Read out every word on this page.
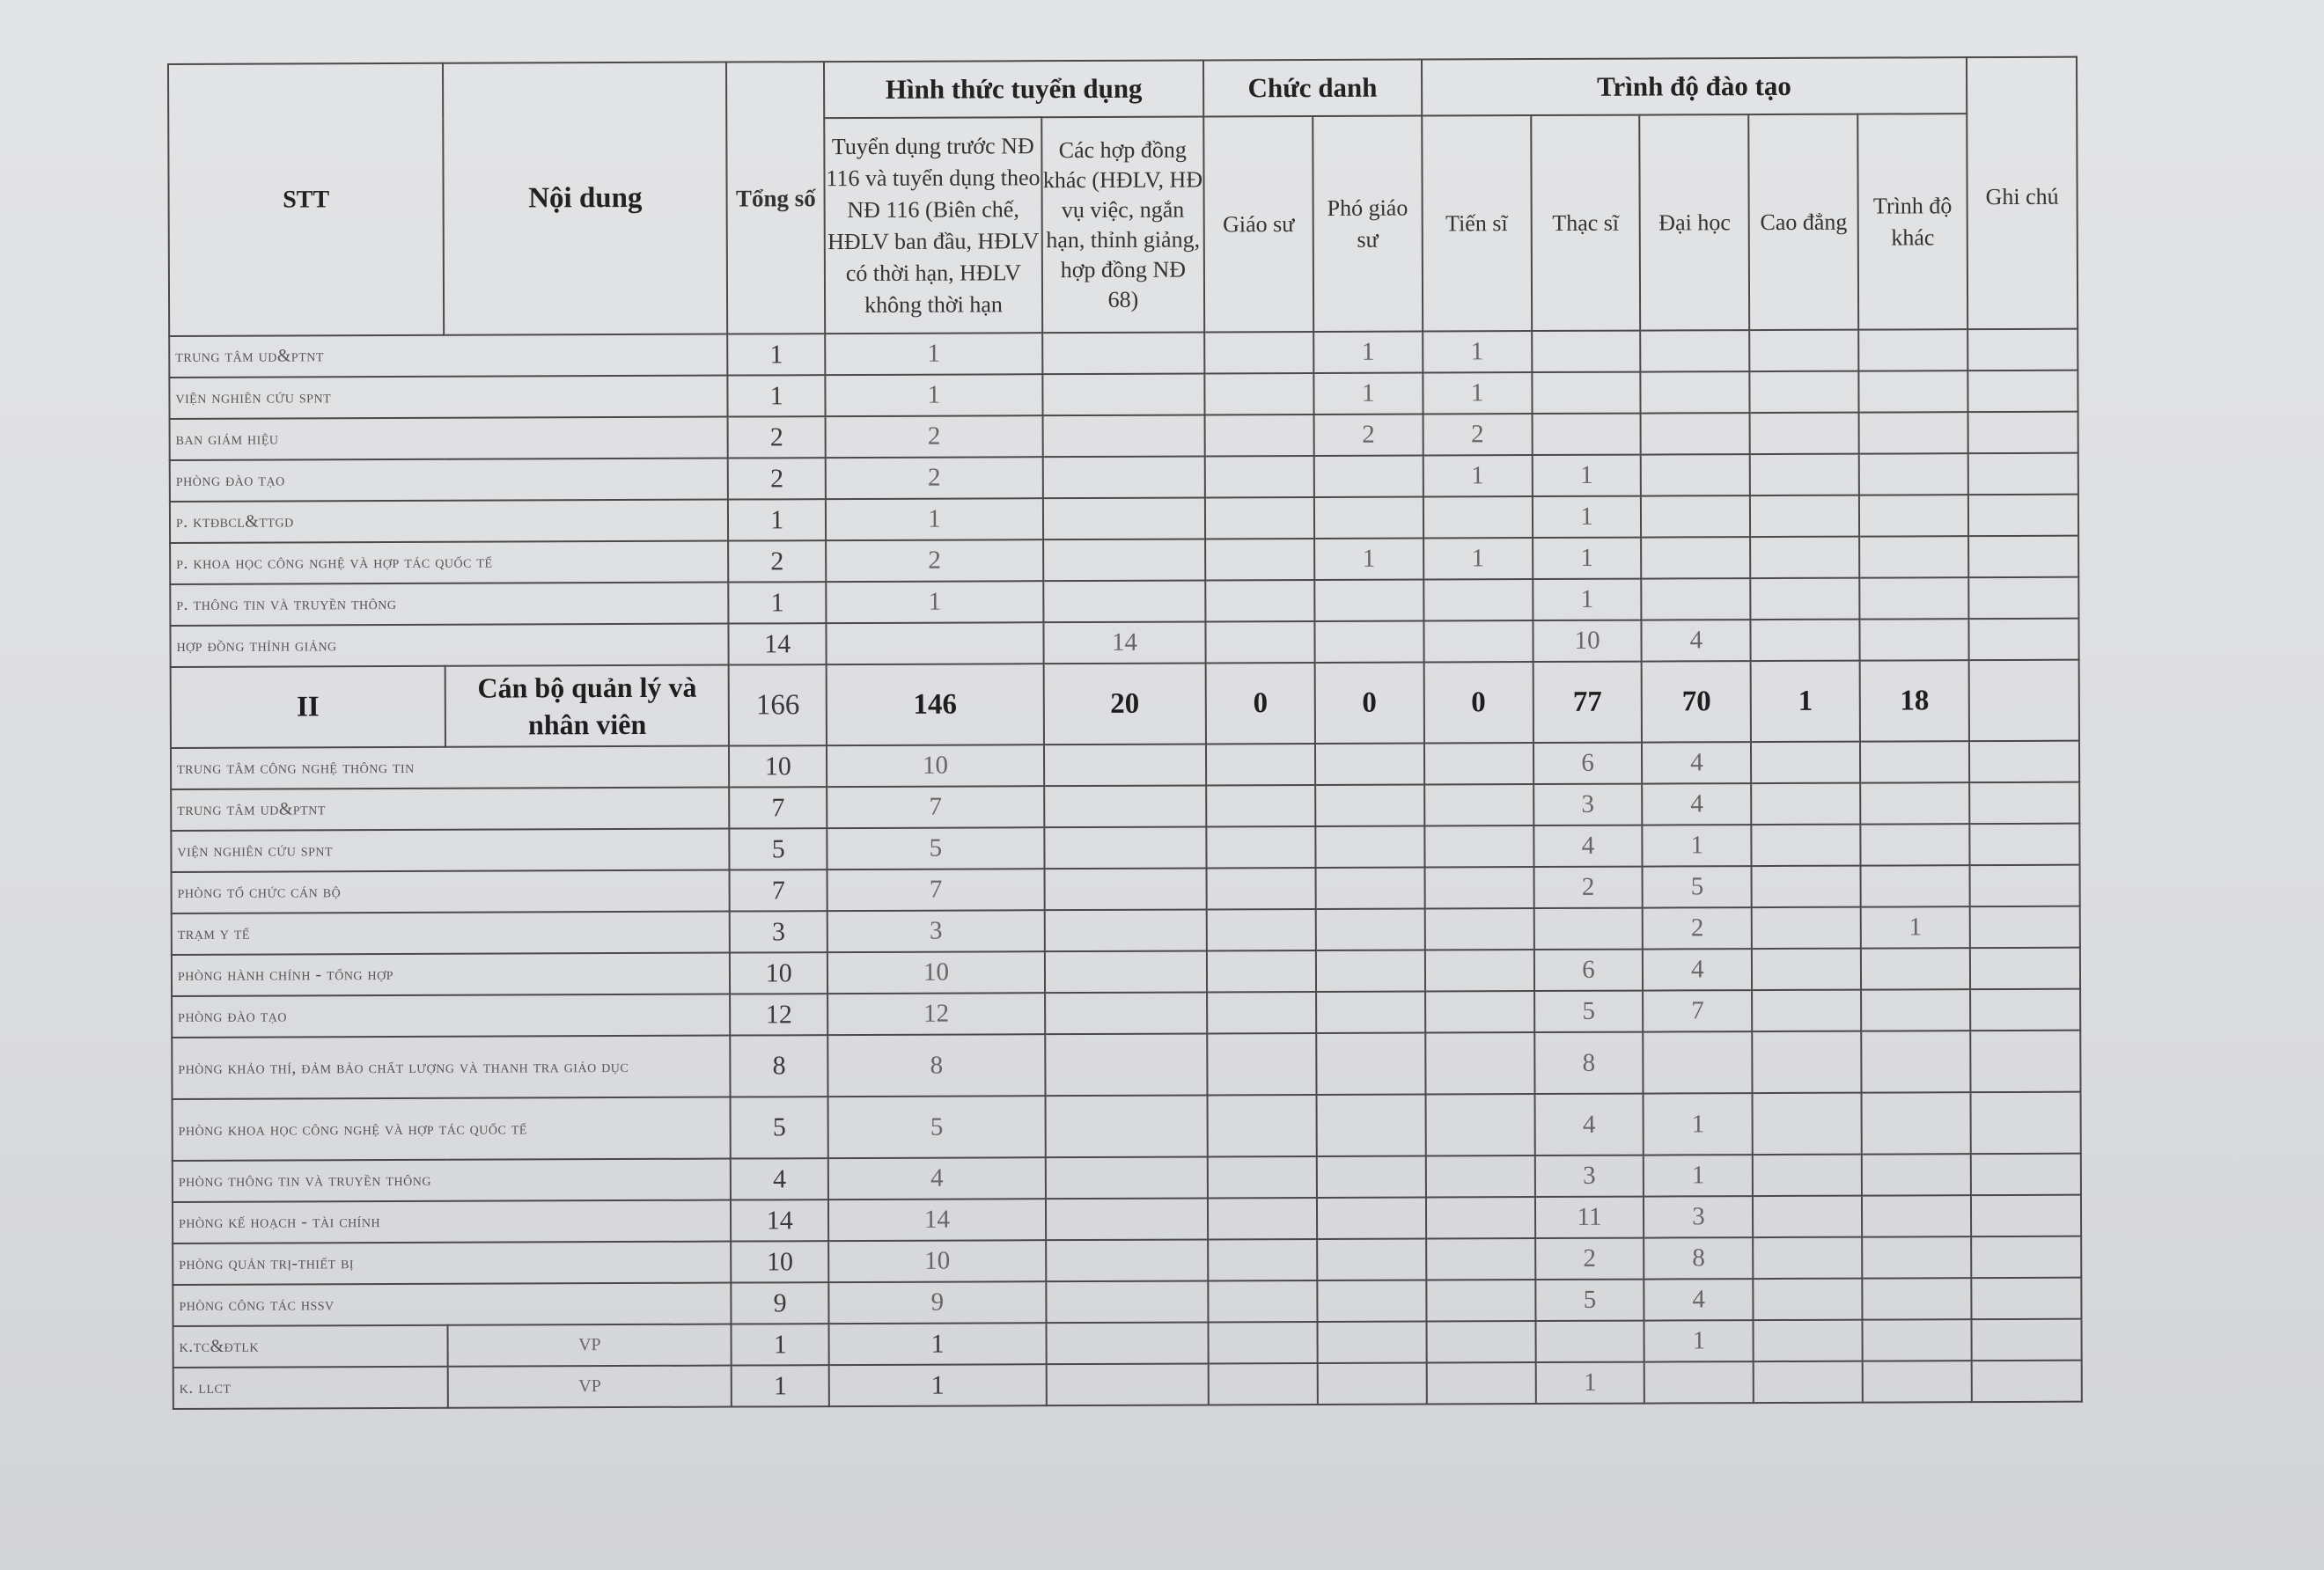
STT	Nội dung	Tổng số	Hình thức tuyển dụng		Chức danh		Trình độ đào tạo					Ghi chú
			Tuyển dụng trước NĐ 116 và tuyển dụng theo NĐ 116 (Biên chế, HĐLV ban đầu, HĐLV có thời hạn, HĐLV không thời hạn	Các hợp đồng khác (HĐLV, HĐ vụ việc, ngắn hạn, thỉnh giảng, hợp đồng NĐ 68)	Giáo sư	Phó giáo sư	Tiến sĩ	Thạc sĩ	Đại học	Cao đẳng	Trình độ khác	
trung tâm ud&ptnt		1	1			1	1					
viện nghiên cứu spnt		1	1			1	1					
ban giám hiệu		2	2			2	2					
phòng đào tạo		2	2				1	1				
p. ktđbcl&ttgd		1	1					1				
p. khoa học công nghệ và hợp tác quốc tế		2	2			1	1	1				
p. thông tin và truyền thông		1	1					1				
hợp đồng thỉnh giảng		14		14				10	4			
II	Cán bộ quản lý và nhân viên	166	146	20	0	0	0	77	70	1	18	
trung tâm công nghệ thông tin		10	10					6	4			
trung tâm ud&ptnt		7	7					3	4			
viện nghiên cứu spnt		5	5					4	1			
phòng tổ chức cán bộ		7	7					2	5			
trạm y tế		3	3						2		1	
phòng hành chính - tổng hợp		10	10					6	4			
phòng đào tạo		12	12					5	7			
phòng khảo thí, đảm bảo chất lượng và thanh tra giáo dục		8	8					8				
phòng khoa học công nghệ và hợp tác quốc tế		5	5					4	1			
phòng thông tin và truyền thông		4	4					3	1			
phòng kế hoạch - tài chính		14	14					11	3			
phòng quản trị-thiết bị		10	10					2	8			
phòng công tác hssv		9	9					5	4			
k.tc&đtlk	VP	1	1						1			
k. llct	VP	1	1					1				
